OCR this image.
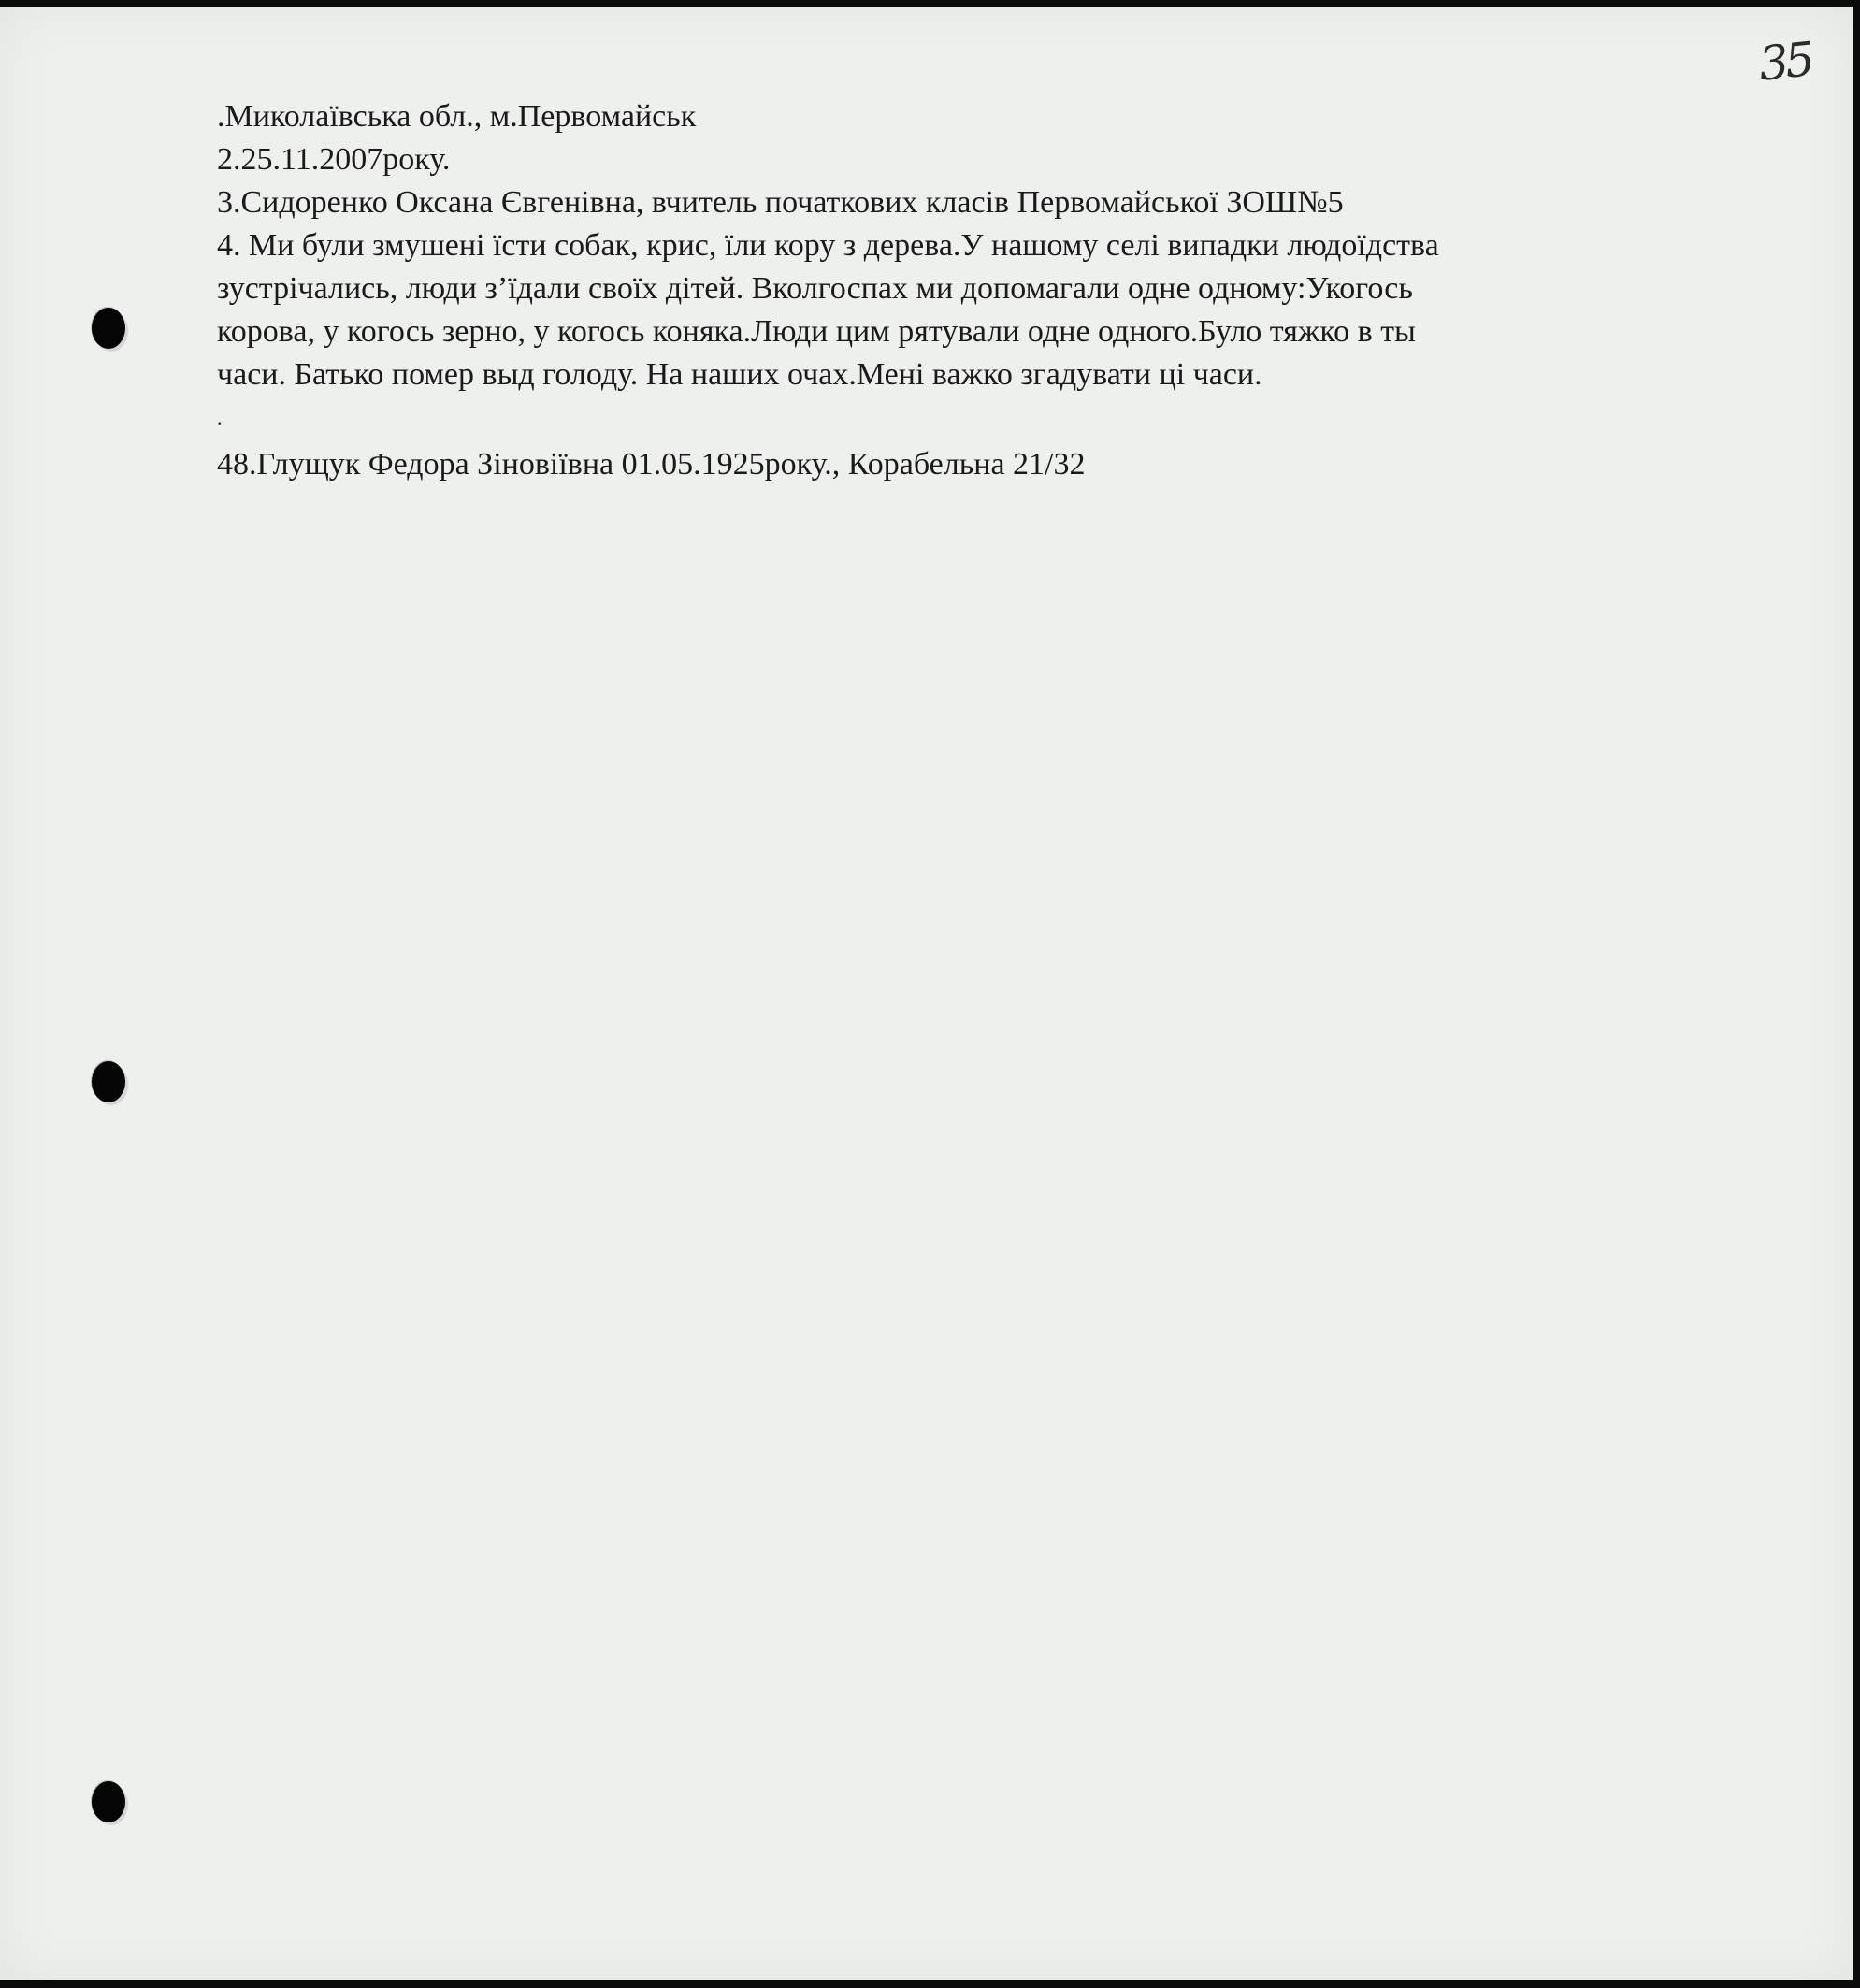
35
.Миколаївська обл., м.Первомайськ
2.25.11.2007року.
3.Сидоренко Оксана Євгенівна, вчитель початкових класів Первомайської ЗОШ№5
4. Ми були змушені їсти собак, крис, їли кору з дерева.У нашому селі випадки людоїдства
зустрічались, люди з’їдали своїх дітей. Вколгоспах ми допомагали одне одному:Укогось
корова, у когось зерно, у когось коняка.Люди цим рятували одне одного.Було тяжко в ты
часи. Батько помер выд голоду. На наших очах.Мені важко згадувати ці часи.
.
48.Глущук Федора Зіновіївна 01.05.1925року., Корабельна 21/32
